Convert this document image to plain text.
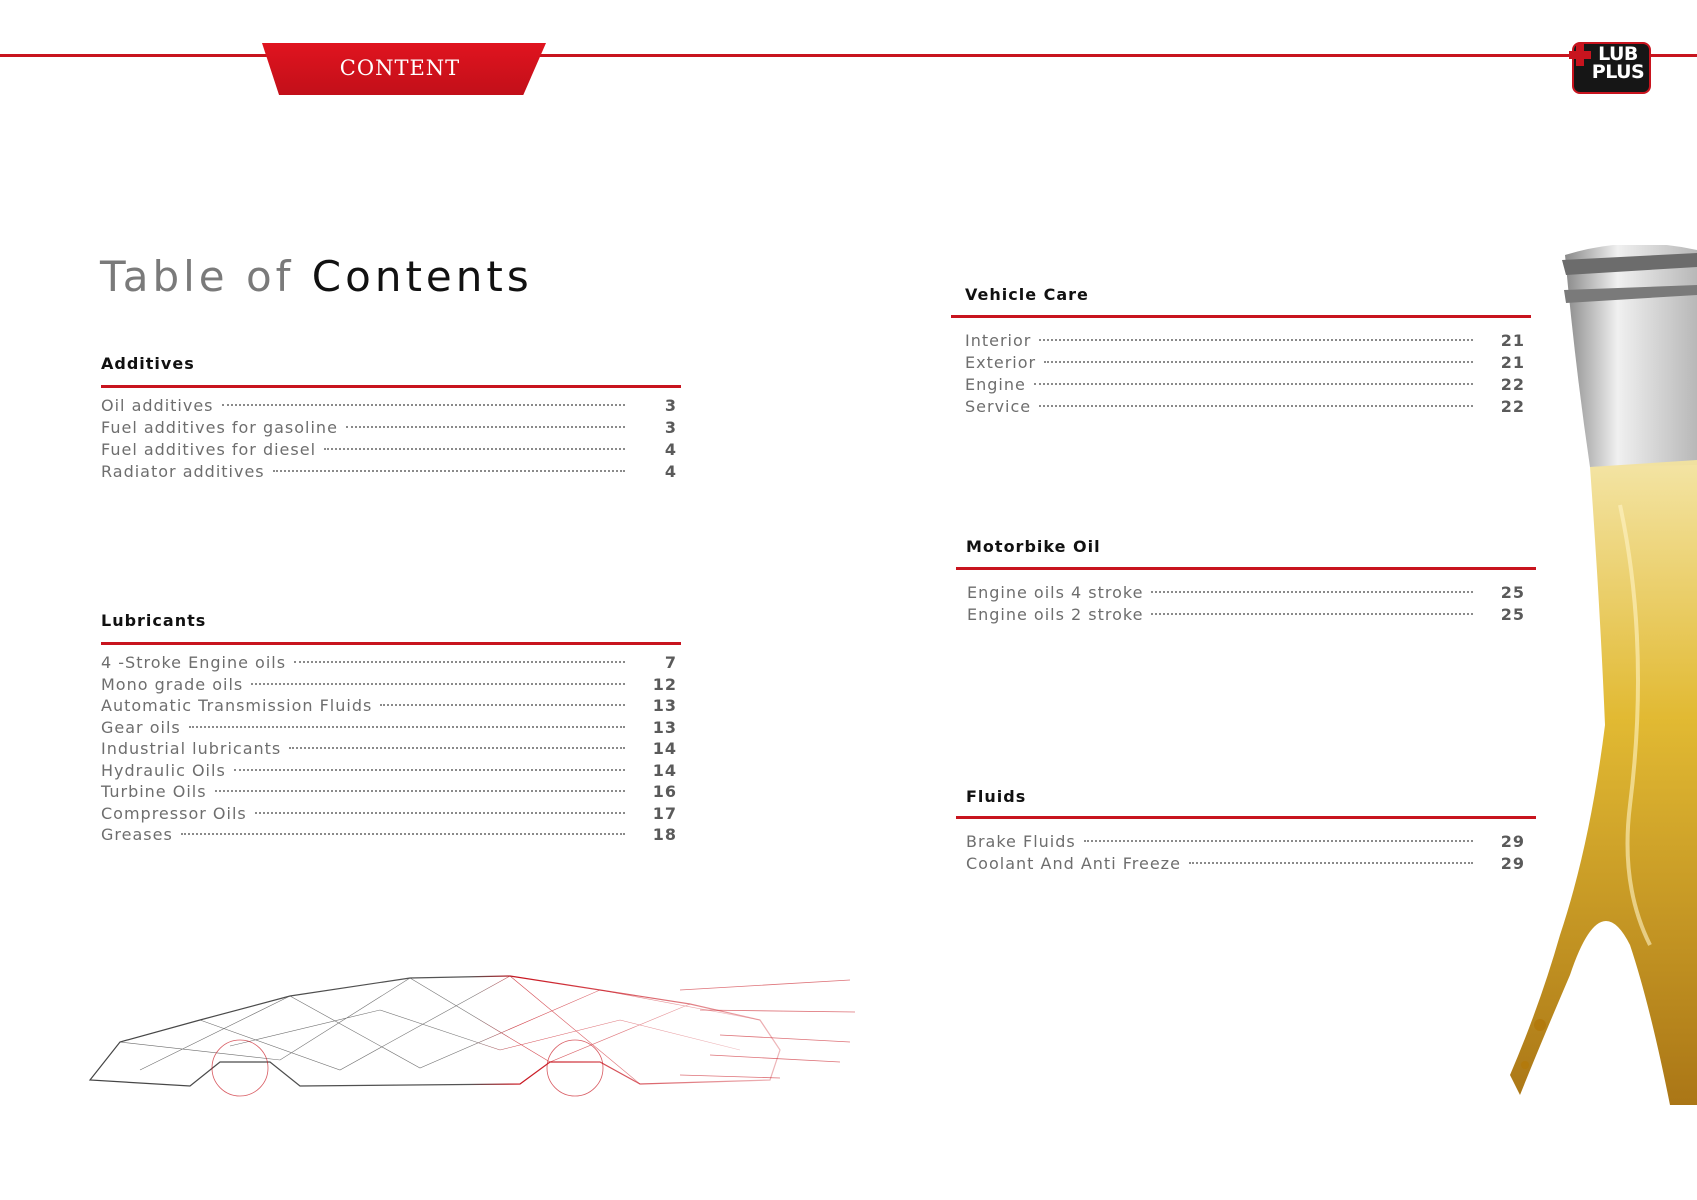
CONTENT
LUB
PLUS
Table of Contents
Additives
Oil additives	3
Fuel additives for gasoline	3
Fuel additives for diesel	4
Radiator additives	4
Lubricants
4 -Stroke Engine oils	7
Mono grade oils	12
Automatic Transmission Fluids	13
Gear oils	13
Industrial lubricants	14
Hydraulic Oils	14
Turbine Oils	16
Compressor Oils	17
Greases	18
Vehicle Care
Interior	21
Exterior	21
Engine	22
Service	22
Motorbike Oil
Engine oils 4 stroke	25
Engine oils 2 stroke	25
Fluids
Brake Fluids	29
Coolant And Anti Freeze	29
